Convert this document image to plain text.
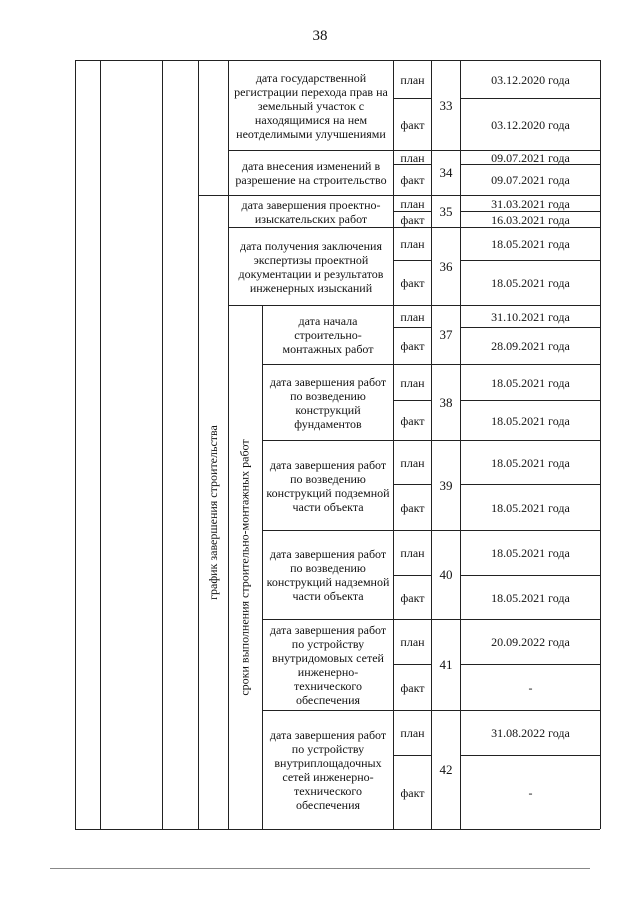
38
график завершения строительства сроки выполнения строительно-монтажных работ
дата государственной регистрации перехода прав на земельный участок с находящимися на нем неотделимыми улучшениями
план
факт
33
03.12.2020 года
03.12.2020 года
дата внесения изменений в разрешение на строительство
план
факт	34
09.07.2021 года
09.07.2021 года
дата завершения проектно-изыскательских работ
план
факт
35	31.03.2021 года
16.03.2021 года
дата получения заключения экспертизы проектной документации и результатов инженерных изысканий
план
факт
36
18.05.2021 года
18.05.2021 года
дата начала строительно-монтажных работ
план
факт
37
31.10.2021 года
28.09.2021 года
дата завершения работ по возведению конструкций фундаментов
план
факт
38
18.05.2021 года
18.05.2021 года
дата завершения работ по возведению конструкций подземной части объекта
план
факт
39
18.05.2021 года
18.05.2021 года
дата завершения работ по возведению конструкций надземной части объекта
план
факт
40
18.05.2021 года
18.05.2021 года
дата завершения работ по устройству внутридомовых сетей инженерно-технического обеспечения
план
факт
41
20.09.2022 года
-
дата завершения работ по устройству внутриплощадочных сетей инженерно-технического обеспечения
план
факт
42
31.08.2022 года
-
